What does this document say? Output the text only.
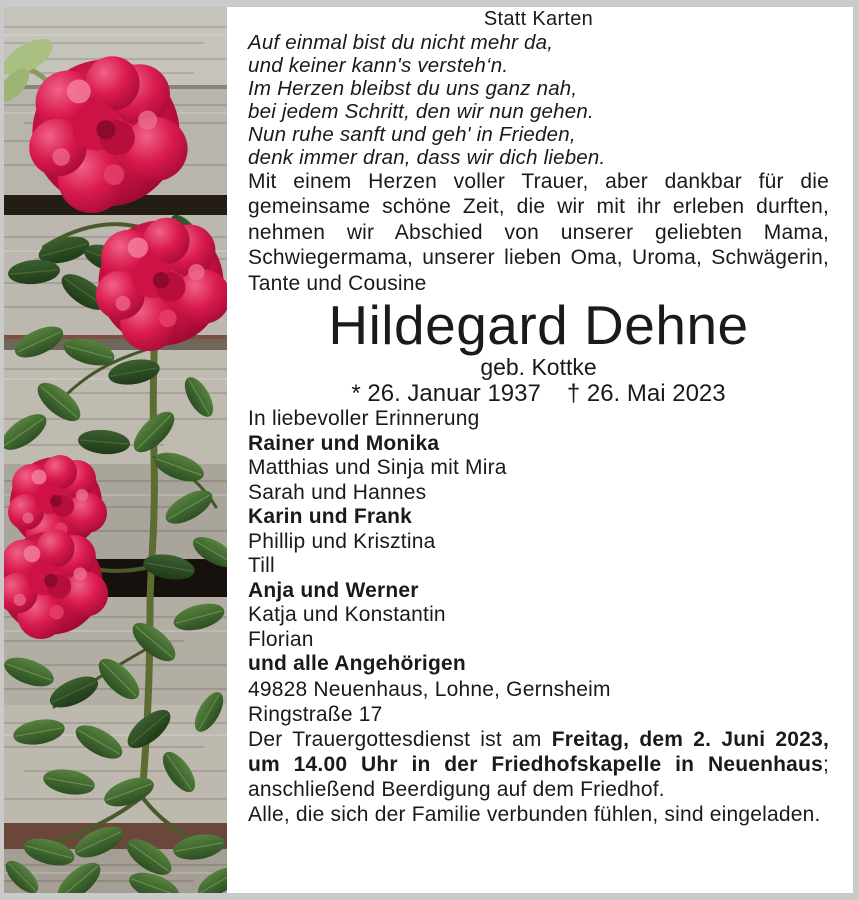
Statt Karten
Auf einmal bist du nicht mehr da,
und keiner kann's versteh‘n.
Im Herzen bleibst du uns ganz nah,
bei jedem Schritt, den wir nun gehen.
Nun ruhe sanft und geh' in Frieden,
denk immer dran, dass wir dich lieben.

Mit einem Herzen voller Trauer, aber dankbar für die gemeinsame schöne Zeit, die wir mit ihr erleben durften, nehmen wir Abschied von unserer geliebten Mama, Schwiegermama, unserer lieben Oma, Uroma, Schwägerin, Tante und Cousine

Hildegard Dehne
geb. Kottke
* 26. Januar 1937 † 26. Mai 2023
In liebevoller Erinnerung
Rainer und Monika
Matthias und Sinja mit Mira
Sarah und Hannes
Karin und Frank
Phillip und Krisztina
Till
Anja und Werner
Katja und Konstantin
Florian
und alle Angehörigen
49828 Neuenhaus, Lohne, Gernsheim
Ringstraße 17

Der Trauergottesdienst ist am Freitag, dem 2. Juni 2023, um 14.00 Uhr in der Friedhofskapelle in Neuenhaus; anschließend Beerdigung auf dem Friedhof.

Alle, die sich der Familie verbunden fühlen, sind eingeladen.
